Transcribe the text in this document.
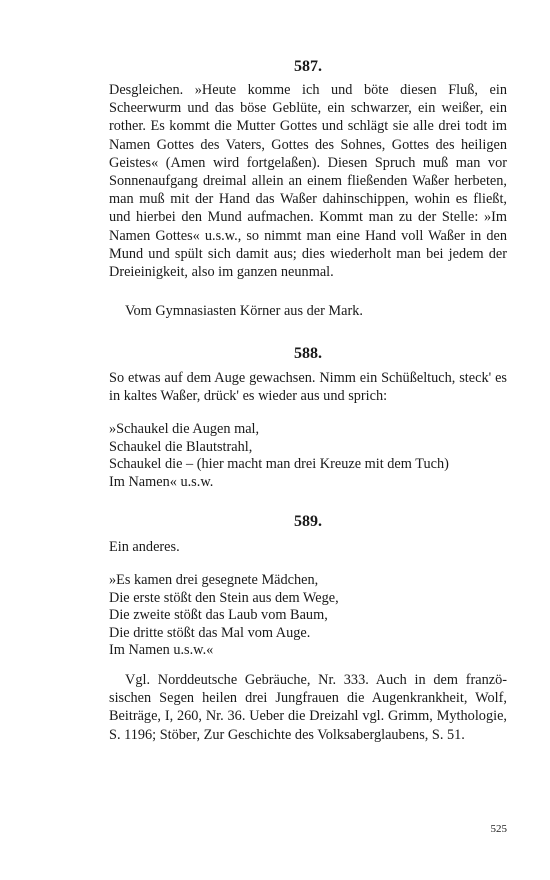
587.

Desgleichen. »Heute komme ich und böte diesen Fluß, ein Scheerwurm und das böse Geblüte, ein schwarzer, ein weißer, ein rother. Es kommt die Mutter Gottes und schlägt sie alle drei todt im Namen Gottes des Vaters, Gottes des Sohnes, Gottes des heiligen Geistes« (Amen wird fortgelaßen). Diesen Spruch muß man vor Sonnenaufgang dreimal allein an einem fließenden Waßer herbeten, man muß mit der Hand das Waßer dahinschippen, wohin es fließt, und hierbei den Mund aufmachen. Kommt man zu der Stelle: »Im Namen Gottes« u.s.w., so nimmt man eine Hand voll Waßer in den Mund und spült sich damit aus; dies wiederholt man bei jedem der Dreieinigkeit, also im ganzen neunmal.

Vom Gymnasiasten Körner aus der Mark.

588.

So etwas auf dem Auge gewachsen. Nimm ein Schüßeltuch, steck' es in kaltes Waßer, drück' es wieder aus und sprich:

»Schaukel die Augen mal,
Schaukel die Blautstrahl,
Schaukel die – (hier macht man drei Kreuze mit dem Tuch)
Im Namen« u.s.w.
589.

Ein anderes.

»Es kamen drei gesegnete Mädchen,
Die erste stößt den Stein aus dem Wege,
Die zweite stößt das Laub vom Baum,
Die dritte stößt das Mal vom Auge.
Im Namen u.s.w.«

Vgl. Norddeutsche Gebräuche, Nr. 333. Auch in dem französischen Segen heilen drei Jungfrauen die Augenkrankheit, Wolf, Beiträge, I, 260, Nr. 36. Ueber die Dreizahl vgl. Grimm, Mythologie, S. 1196; Stöber, Zur Geschichte des Volksaberglaubens, S. 51.

525
